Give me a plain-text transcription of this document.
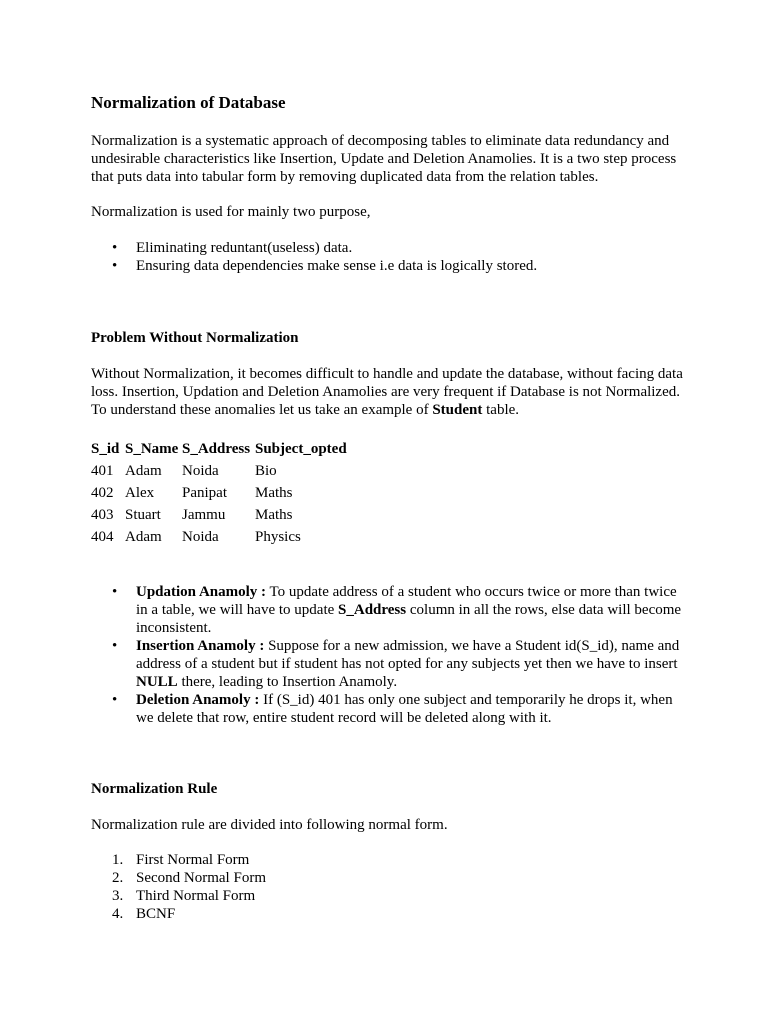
Normalization of Database
Normalization is a systematic approach of decomposing tables to eliminate data redundancy and undesirable characteristics like Insertion, Update and Deletion Anamolies. It is a two step process that puts data into tabular form by removing duplicated data from the relation tables.
Normalization is used for mainly two purpose,
• Eliminating reduntant(useless) data.
• Ensuring data dependencies make sense i.e data is logically stored.
Problem Without Normalization
Without Normalization, it becomes difficult to handle and update the database, without facing data loss. Insertion, Updation and Deletion Anamolies are very frequent if Database is not Normalized. To understand these anomalies let us take an example of Student table.
S_id	S_Name	S_Address	Subject_opted
401	Adam	Noida	Bio
402	Alex	Panipat	Maths
403	Stuart	Jammu	Maths
404	Adam	Noida	Physics
• Updation Anamoly : To update address of a student who occurs twice or more than twice in a table, we will have to update S_Address column in all the rows, else data will become inconsistent.
• Insertion Anamoly : Suppose for a new admission, we have a Student id(S_id), name and address of a student but if student has not opted for any subjects yet then we have to insert NULL there, leading to Insertion Anamoly.
• Deletion Anamoly : If (S_id) 401 has only one subject and temporarily he drops it, when we delete that row, entire student record will be deleted along with it.
Normalization Rule
Normalization rule are divided into following normal form.
1. First Normal Form
2. Second Normal Form
3. Third Normal Form
4. BCNF
